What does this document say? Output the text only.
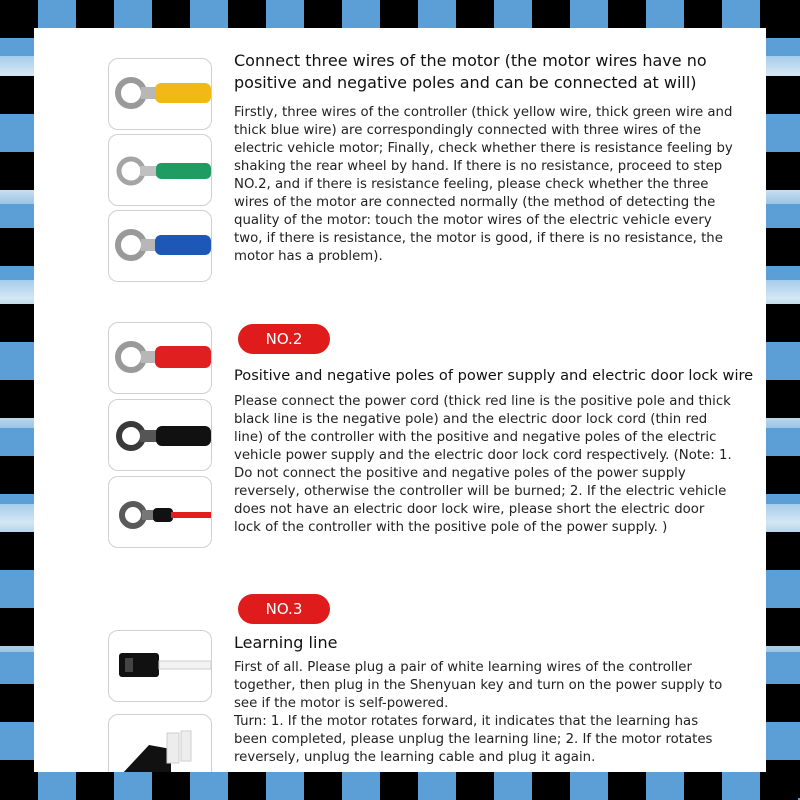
Connect three wires of the motor (the motor wires have no positive and negative poles and can be connected at will)

Firstly, three wires of the controller (thick yellow wire, thick green wire and thick blue wire) are correspondingly connected with three wires of the electric vehicle motor; Finally, check whether there is resistance feeling by shaking the rear wheel by hand. If there is no resistance, proceed to step NO.2, and if there is resistance feeling, please check whether the three wires of the motor are connected normally (the method of detecting the quality of the motor: touch the motor wires of the electric vehicle every two, if there is resistance, the motor is good, if there is no resistance, the motor has a problem).

NO.2
Positive and negative poles of power supply and electric door lock wire

Please connect the power cord (thick red line is the positive pole and thick black line is the negative pole) and the electric door lock cord (thin red line) of the controller with the positive and negative poles of the electric vehicle power supply and the electric door lock cord respectively. (Note: 1. Do not connect the positive and negative poles of the power supply reversely, otherwise the controller will be burned; 2. If the electric vehicle does not have an electric door lock wire, please short the electric door lock of the controller with the positive pole of the power supply. )

NO.3
Learning line

First of all. Please plug a pair of white learning wires of the controller together, then plug in the Shenyuan key and turn on the power supply to see if the motor is self-powered.

Turn: 1. If the motor rotates forward, it indicates that the learning has been completed, please unplug the learning line; 2. If the motor rotates reversely, unplug the learning cable and plug it again.
